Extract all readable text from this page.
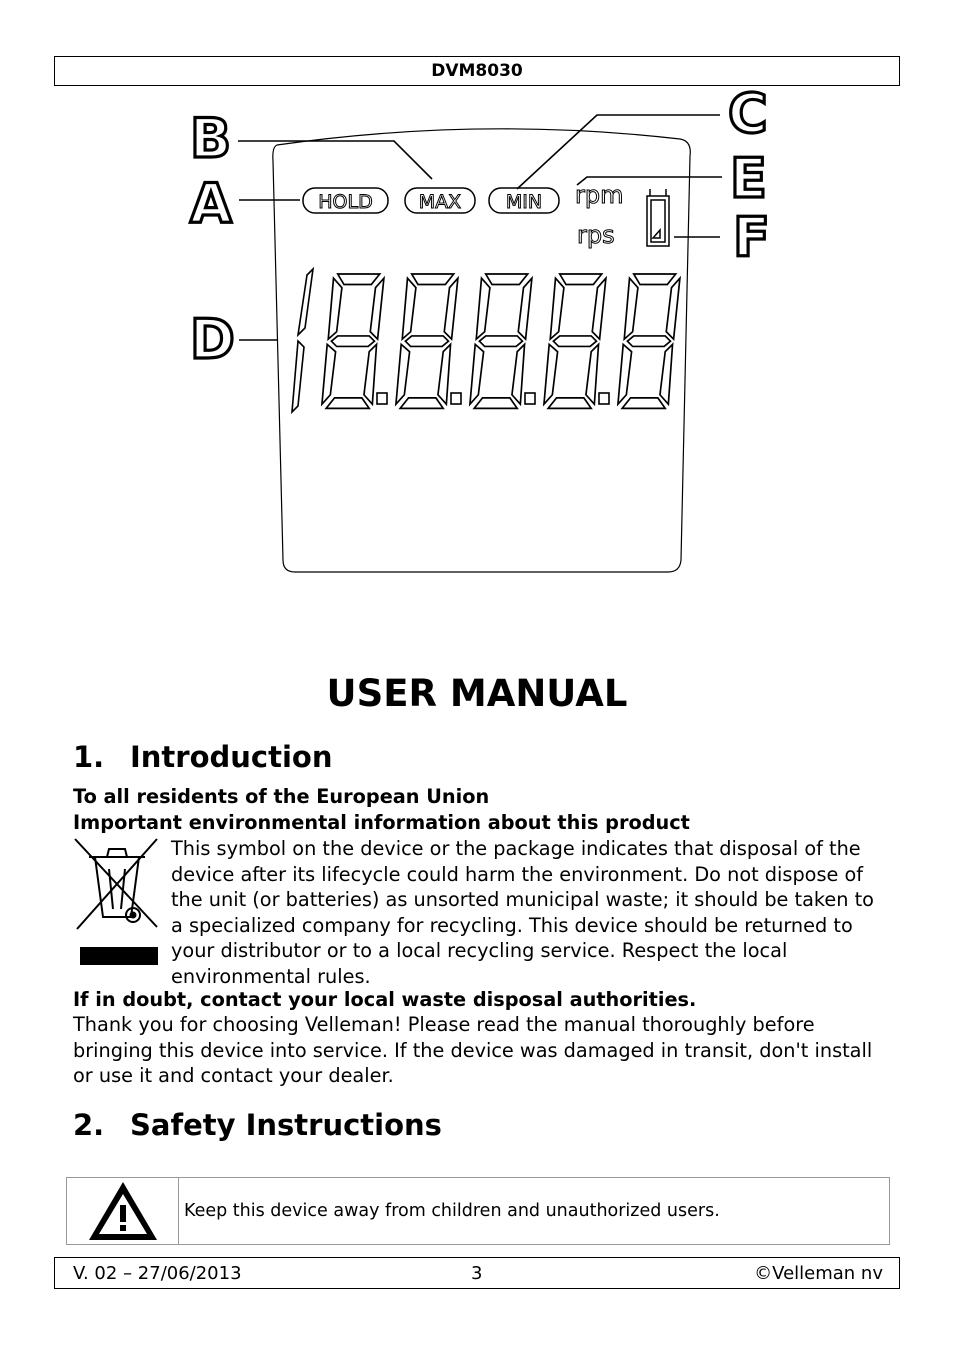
DVM8030
HOLD MAX MIN rpm
rps
B
A
C
D
E
F
USER MANUAL
1. Introduction
To all residents of the European Union
Important environmental information about this product
This symbol on the device or the package indicates that disposal of the device after its lifecycle could harm the environment. Do not dispose of the unit (or batteries) as unsorted municipal waste; it should be taken to a specialized company for recycling. This device should be returned to your distributor or to a local recycling service. Respect the local environmental rules.
If in doubt, contact your local waste disposal authorities.
Thank you for choosing Velleman! Please read the manual thoroughly before bringing this device into service. If the device was damaged in transit, don't install or use it and contact your dealer.
2. Safety Instructions
Keep this device away from children and unauthorized users.
V. 02 – 27/06/2013	3	©Velleman nv
